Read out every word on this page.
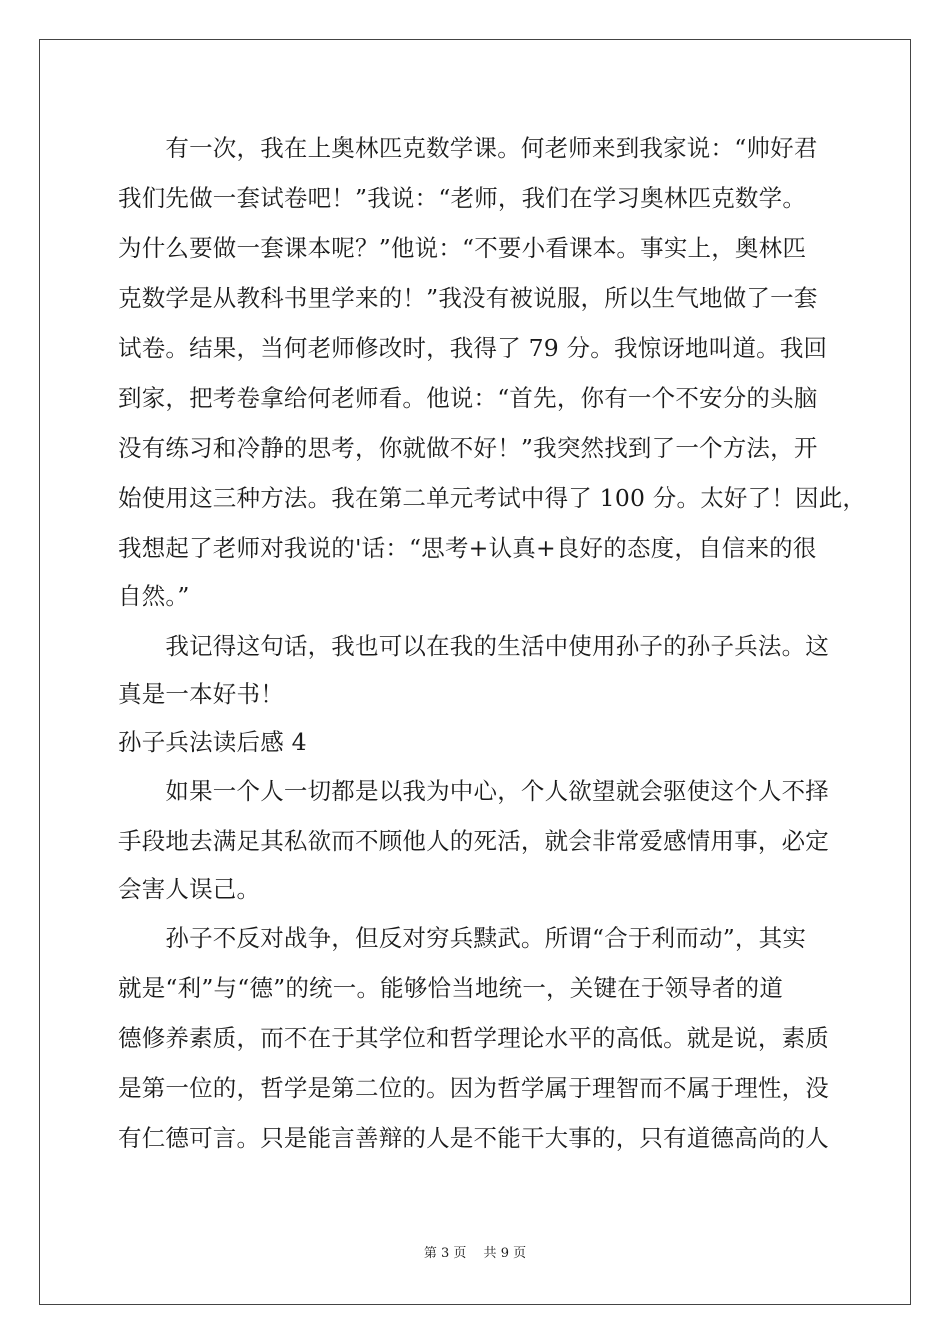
　　有一次，我在上奥林匹克数学课。何老师来到我家说：“帅好君
我们先做一套试卷吧！”我说：“老师，我们在学习奥林匹克数学。
为什么要做一套课本呢？”他说：“不要小看课本。事实上，奥林匹
克数学是从教科书里学来的！”我没有被说服，所以生气地做了一套
试卷。结果，当何老师修改时，我得了 79 分。我惊讶地叫道。我回
到家，把考卷拿给何老师看。他说：“首先，你有一个不安分的头脑
没有练习和冷静的思考，你就做不好！”我突然找到了一个方法，开
始使用这三种方法。我在第二单元考试中得了 100 分。太好了！因此，
我想起了老师对我说的'话：“思考+认真+良好的态度，自信来的很
自然。”
　　我记得这句话，我也可以在我的生活中使用孙子的孙子兵法。这
真是一本好书！
孙子兵法读后感 4
　　如果一个人一切都是以我为中心，个人欲望就会驱使这个人不择
手段地去满足其私欲而不顾他人的死活，就会非常爱感情用事，必定
会害人误己。
　　孙子不反对战争，但反对穷兵黩武。所谓“合于利而动”，其实
就是“利”与“德”的统一。能够恰当地统一，关键在于领导者的道
德修养素质，而不在于其学位和哲学理论水平的高低。就是说，素质
是第一位的，哲学是第二位的。因为哲学属于理智而不属于理性，没
有仁德可言。只是能言善辩的人是不能干大事的，只有道德高尚的人
第 3 页　 共 9 页
